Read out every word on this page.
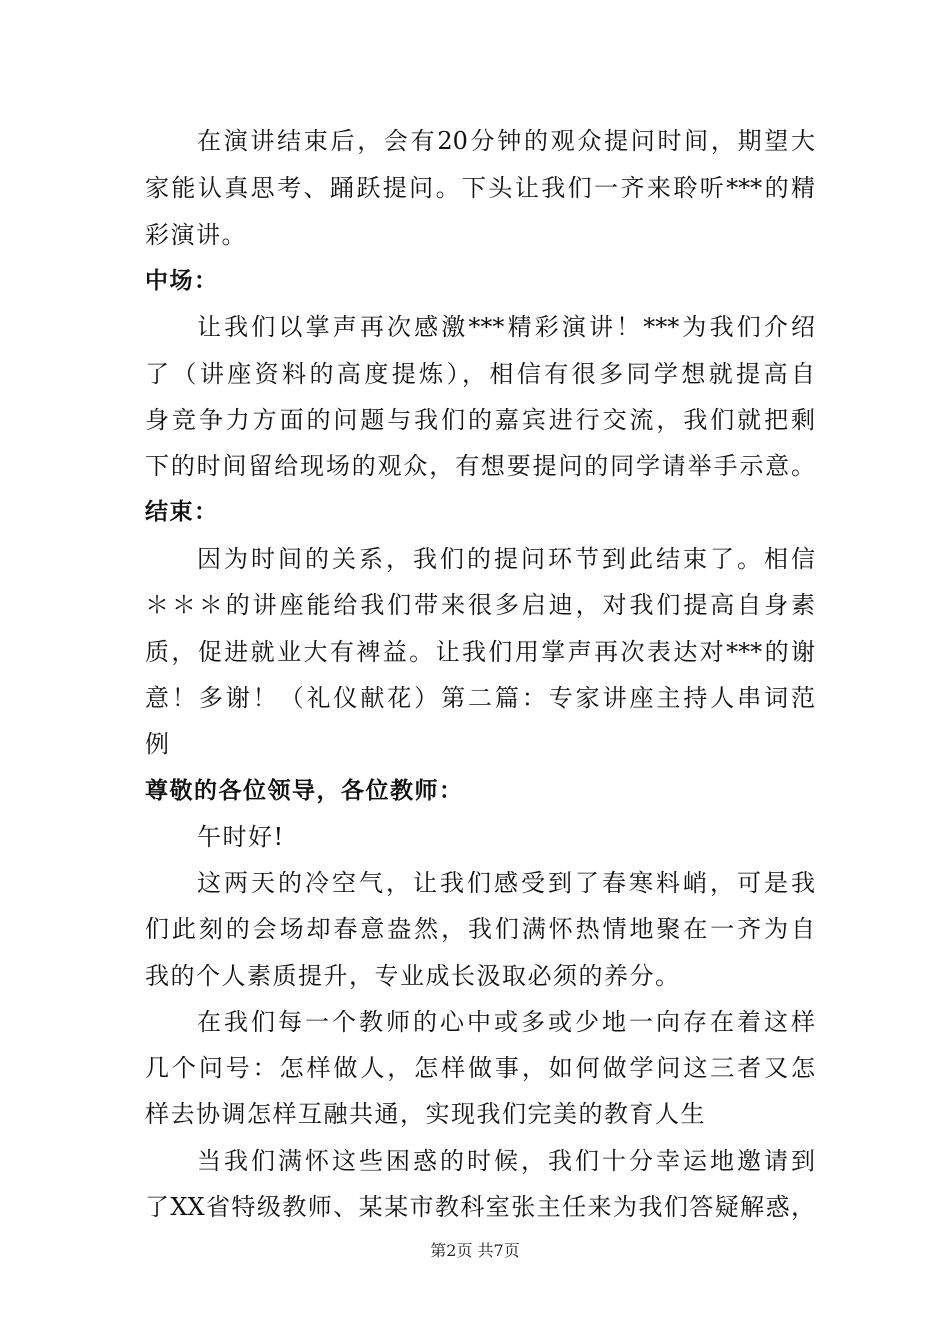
在演讲结束后，会有20分钟的观众提问时间，期望大
家能认真思考、踊跃提问。下头让我们一齐来聆听***的精
彩演讲。
中场：
让我们以掌声再次感激***精彩演讲！***为我们介绍
了（讲座资料的高度提炼），相信有很多同学想就提高自
身竞争力方面的问题与我们的嘉宾进行交流，我们就把剩
下的时间留给现场的观众，有想要提问的同学请举手示意。
结束：
因为时间的关系，我们的提问环节到此结束了。相信
＊＊＊的讲座能给我们带来很多启迪，对我们提高自身素
质，促进就业大有裨益。让我们用掌声再次表达对***的谢
意！多谢！（礼仪献花）第二篇：专家讲座主持人串词范
例
尊敬的各位领导，各位教师：
午时好!
这两天的冷空气，让我们感受到了春寒料峭，可是我
们此刻的会场却春意盎然，我们满怀热情地聚在一齐为自
我的个人素质提升，专业成长汲取必须的养分。
在我们每一个教师的心中或多或少地一向存在着这样
几个问号：怎样做人，怎样做事，如何做学问这三者又怎
样去协调怎样互融共通，实现我们完美的教育人生
当我们满怀这些困惑的时候，我们十分幸运地邀请到
了XX省特级教师、某某市教科室张主任来为我们答疑解惑，
第2页 共7页
